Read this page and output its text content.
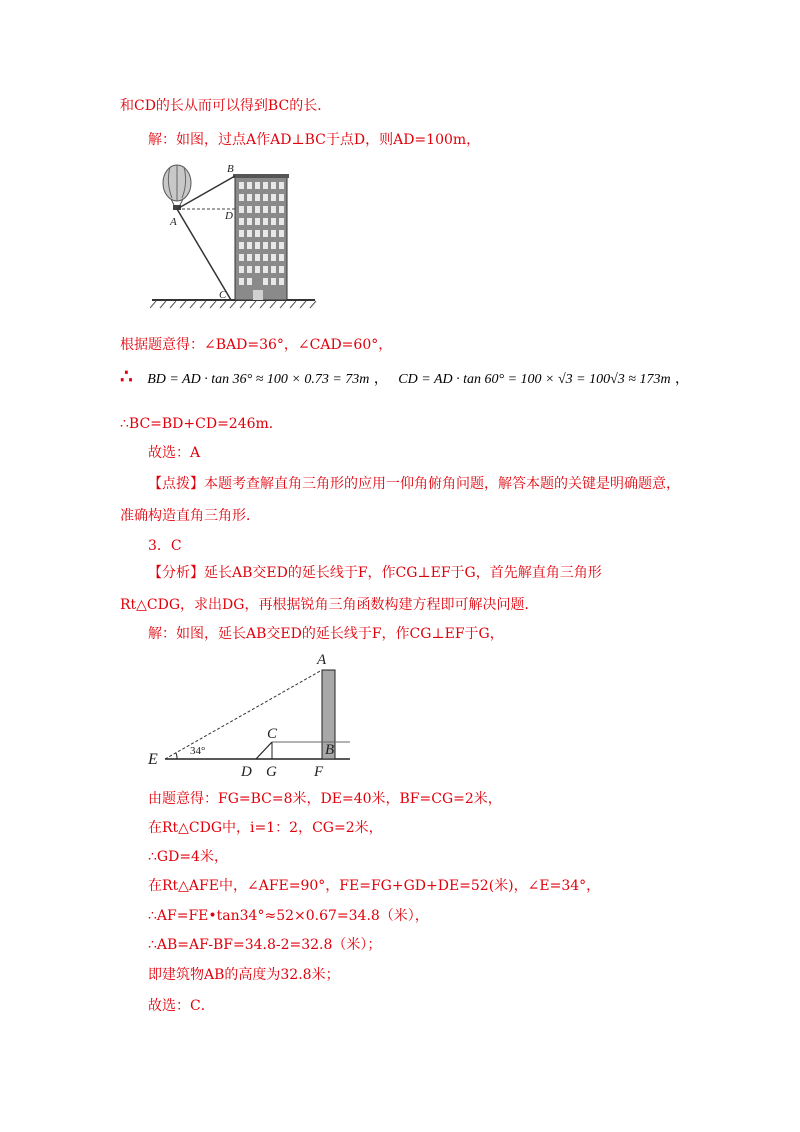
和CD的长从而可以得到BC的长．
解：如图，过点A作AD⊥BC于点D，则AD=100m，
B
D
A
C
根据题意得：∠BAD=36°，∠CAD=60°，
∴ BD = AD · tan 36° ≈ 100 × 0.73 = 73m ， CD = AD · tan 60° = 100 × √3 = 100√3 ≈ 173m ，
∴BC=BD+CD=246m．
故选：A
【点拨】本题考查解直角三角形的应用一仰角俯角问题，解答本题的关键是明确题意，
准确构造直角三角形．
3．C
【分析】延长AB交ED的延长线于F，作CG⊥EF于G，首先解直角三角形
Rt△CDG，求出DG，再根据锐角三角函数构建方程即可解决问题．
解：如图，延长AB交ED的延长线于F，作CG⊥EF于G，
34°
A
C
B
E
D G F
由题意得：FG=BC=8米，DE=40米，BF=CG=2米，
在Rt△CDG中，i=1：2，CG=2米，
∴GD=4米，
在Rt△AFE中，∠AFE=90°，FE=FG+GD+DE=52(米)，∠E=34°，
∴AF=FE•tan34°≈52×0.67=34.8（米），
∴AB=AF-BF=34.8-2=32.8（米）；
即建筑物AB的高度为32.8米；
故选：C．
